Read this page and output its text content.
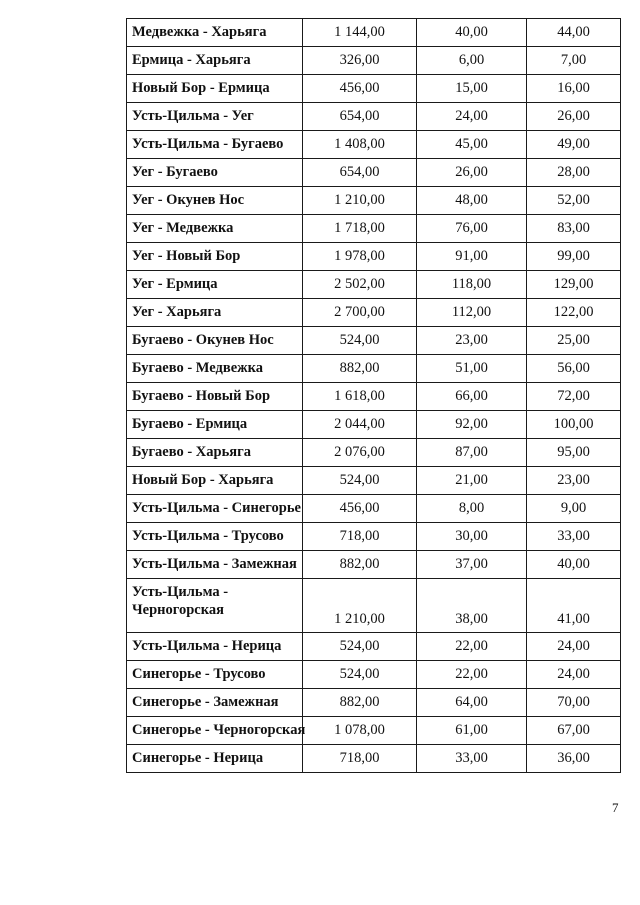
Медвежка - Харьяга	1 144,00	40,00	44,00
Ермица - Харьяга	326,00	6,00	7,00
Новый Бор - Ермица	456,00	15,00	16,00
Усть-Цильма - Уег	654,00	24,00	26,00
Усть-Цильма - Бугаево	1 408,00	45,00	49,00
Уег - Бугаево	654,00	26,00	28,00
Уег - Окунев Нос	1 210,00	48,00	52,00
Уег - Медвежка	1 718,00	76,00	83,00
Уег - Новый Бор	1 978,00	91,00	99,00
Уег - Ермица	2 502,00	118,00	129,00
Уег - Харьяга	2 700,00	112,00	122,00
Бугаево - Окунев Нос	524,00	23,00	25,00
Бугаево - Медвежка	882,00	51,00	56,00
Бугаево - Новый Бор	1 618,00	66,00	72,00
Бугаево - Ермица	2 044,00	92,00	100,00
Бугаево - Харьяга	2 076,00	87,00	95,00
Новый Бор - Харьяга	524,00	21,00	23,00
Усть-Цильма - Синегорье	456,00	8,00	9,00
Усть-Цильма - Трусово	718,00	30,00	33,00
Усть-Цильма - Замежная	882,00	37,00	40,00
Усть-Цильма - Черногорская	1 210,00	38,00	41,00
Усть-Цильма - Нерица	524,00	22,00	24,00
Синегорье - Трусово	524,00	22,00	24,00
Синегорье - Замежная	882,00	64,00	70,00
Синегорье - Черногорская	1 078,00	61,00	67,00
Синегорье - Нерица	718,00	33,00	36,00
7
